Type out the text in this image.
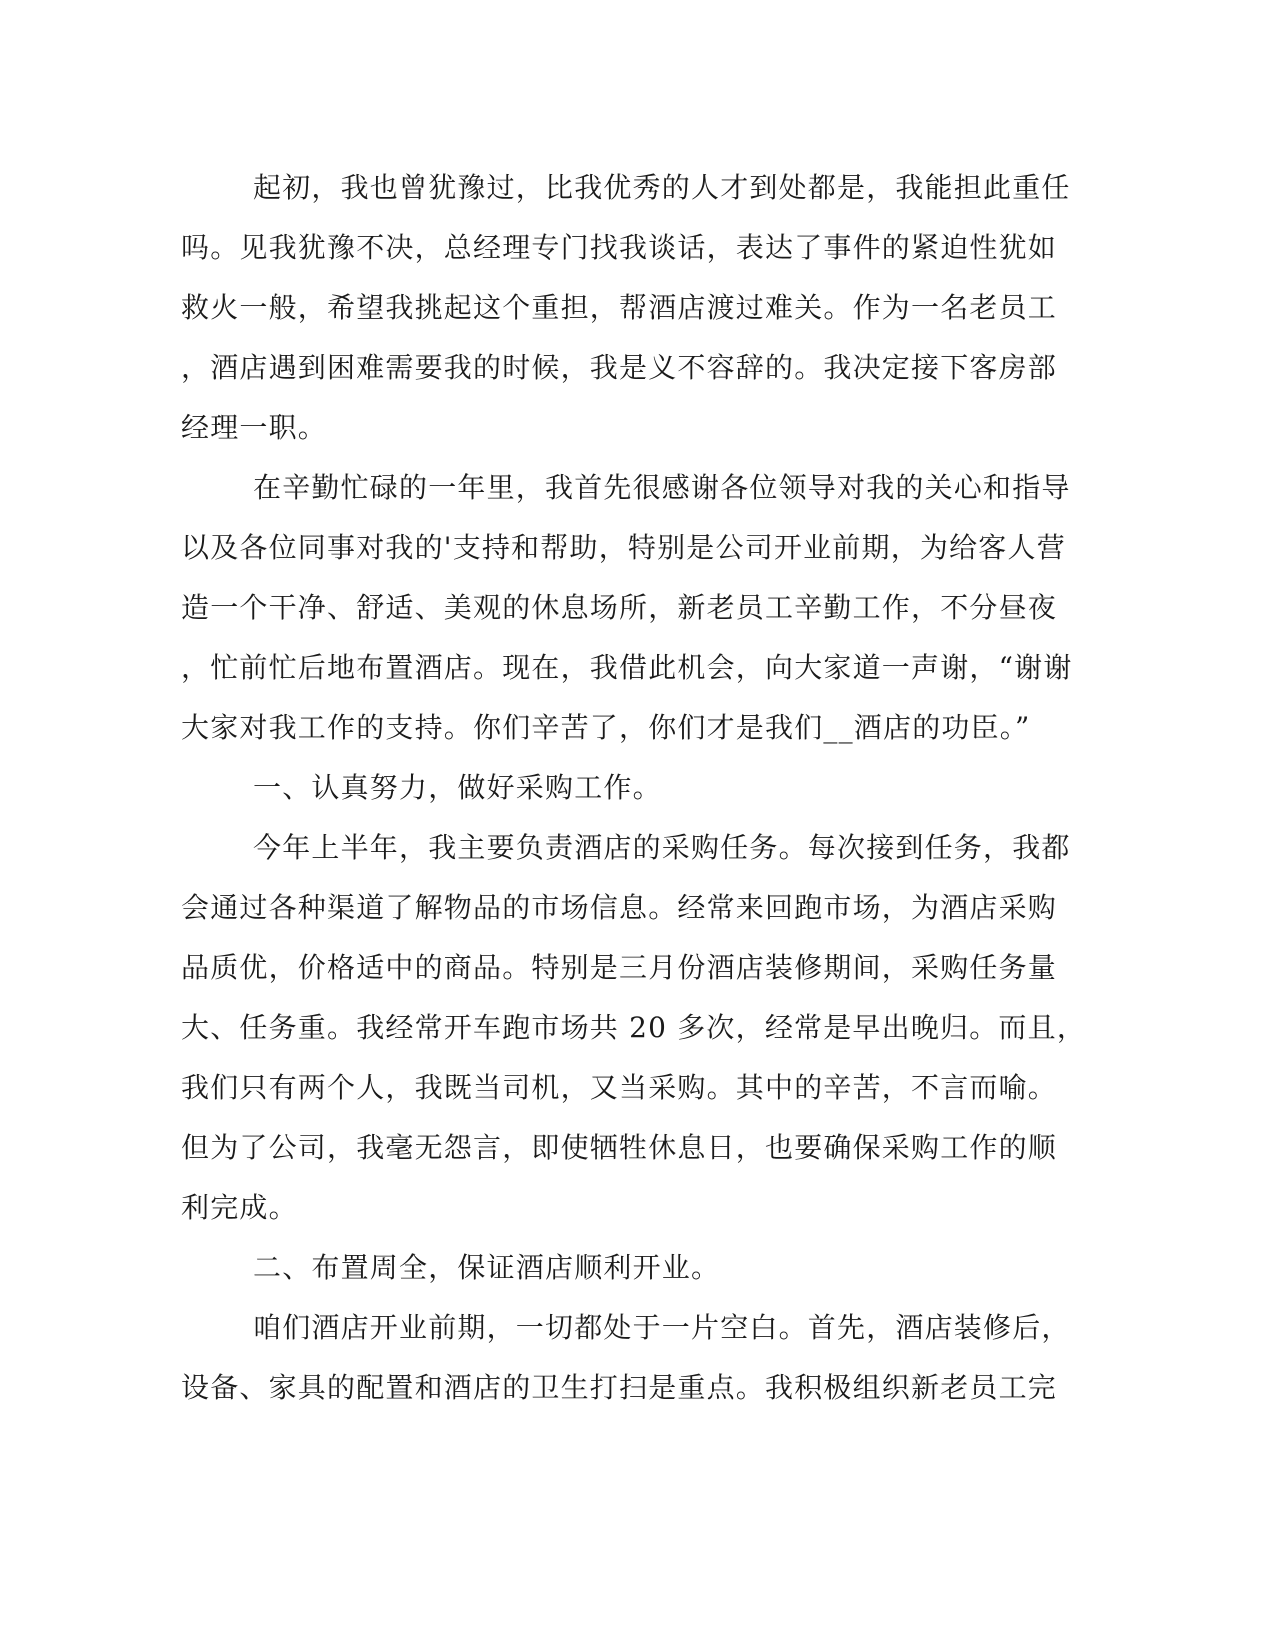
起初，我也曾犹豫过，比我优秀的人才到处都是，我能担此重任
吗。见我犹豫不决，总经理专门找我谈话，表达了事件的紧迫性犹如
救火一般，希望我挑起这个重担，帮酒店渡过难关。作为一名老员工
，酒店遇到困难需要我的时候，我是义不容辞的。我决定接下客房部
经理一职。
在辛勤忙碌的一年里，我首先很感谢各位领导对我的关心和指导
以及各位同事对我的'支持和帮助，特别是公司开业前期，为给客人营
造一个干净、舒适、美观的休息场所，新老员工辛勤工作，不分昼夜
，忙前忙后地布置酒店。现在，我借此机会，向大家道一声谢，“谢谢
大家对我工作的支持。你们辛苦了，你们才是我们__酒店的功臣。”
一、认真努力，做好采购工作。
今年上半年，我主要负责酒店的采购任务。每次接到任务，我都
会通过各种渠道了解物品的市场信息。经常来回跑市场，为酒店采购
品质优，价格适中的商品。特别是三月份酒店装修期间，采购任务量
大、任务重。我经常开车跑市场共 20 多次，经常是早出晚归。而且，
我们只有两个人，我既当司机，又当采购。其中的辛苦，不言而喻。
但为了公司，我毫无怨言，即使牺牲休息日，也要确保采购工作的顺
利完成。
二、布置周全，保证酒店顺利开业。
咱们酒店开业前期，一切都处于一片空白。首先，酒店装修后，
设备、家具的配置和酒店的卫生打扫是重点。我积极组织新老员工完
